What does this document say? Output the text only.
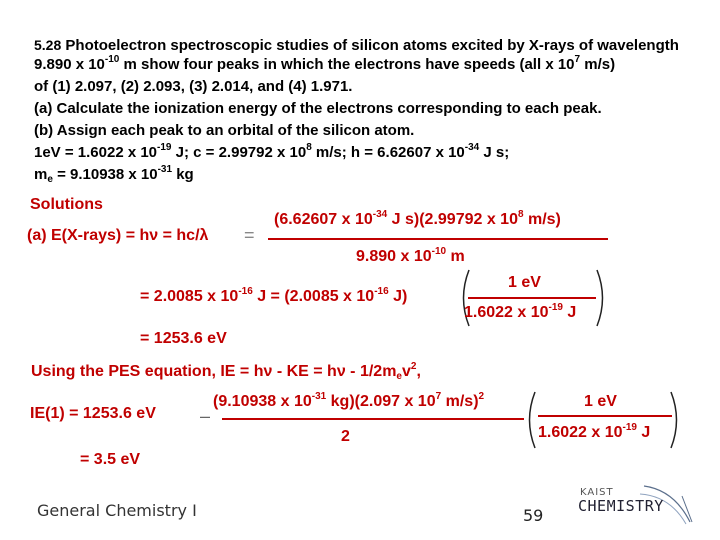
5.28 Photoelectron spectroscopic studies of silicon atoms excited by X-rays of wavelength
9.890 x $10^{-10}$ m show four peaks in which the electrons have speeds (all x $10^7$ m/s)
of (1) 2.097, (2) 2.093, (3) 2.014, and (4) 1.971.
(a) Calculate the ionization energy of the electrons corresponding to each peak.
(b) Assign each peak to an orbital of the silicon atom.
1eV = 1.6022 x $10^{-19}$ J; c = 2.99792 x $10^8$ m/s; h = 6.62607 x $10^{-34}$ J s;
$m_e = 9.10938$ x $10^{-31}$ kg
Solutions
(a) E(X-rays) = hν = hc/λ =
(6.62607 x $10^{-34}$ J s)(2.99792 x $10^8$ m/s)
9.890 x $10^{-10}$ m
= 2.0085 x $10^{-16}$ J = (2.0085 x $10^{-16}$ J)
1 eV
1.6022 x $10^{-19}$ J
= 1253.6 eV
Using the PES equation, IE = hν - KE = hν - $1/2m_ev^2$,
IE(1) = 1253.6 eV –
(9.10938 x $10^{-31}$ kg)(2.097 x $10^7$ m/s)$^2$
2
1 eV
1.6022 x $10^{-19}$ J
= 3.5 eV
General Chemistry I	59
KAIST
CHEMISTRY
